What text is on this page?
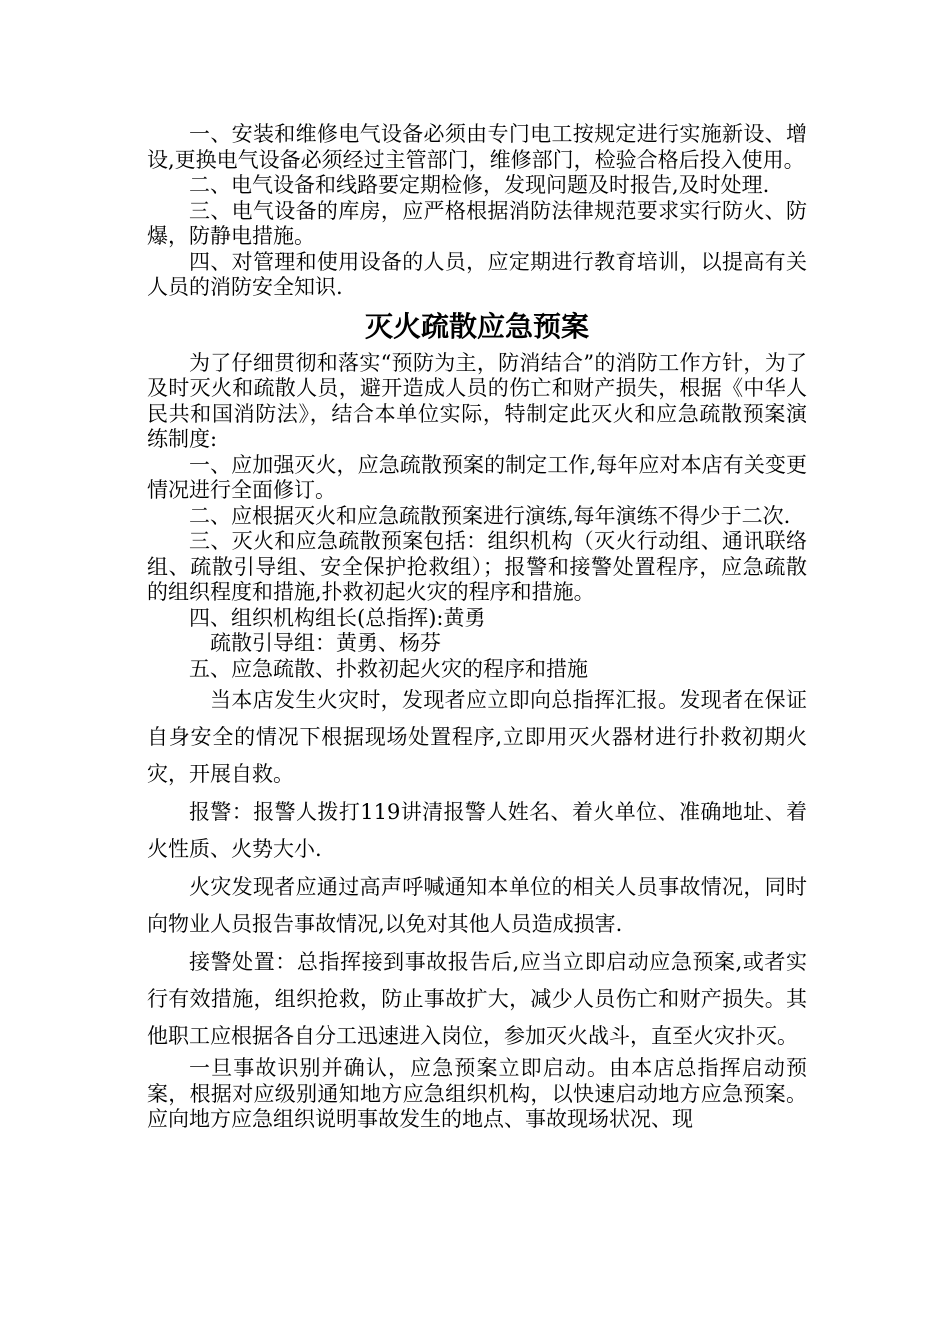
一、安装和维修电气设备必须由专门电工按规定进行实施新设、增设,更换电气设备必须经过主管部门，维修部门，检验合格后投入使用。

二、电气设备和线路要定期检修，发现问题及时报告,及时处理.

三、电气设备的库房，应严格根据消防法律规范要求实行防火、防爆，防静电措施。

四、对管理和使用设备的人员，应定期进行教育培训，以提高有关人员的消防安全知识.

灭火疏散应急预案

为了仔细贯彻和落实“预防为主，防消结合”的消防工作方针，为了及时灭火和疏散人员，避开造成人员的伤亡和财产损失，根据《中华人民共和国消防法》，结合本单位实际，特制定此灭火和应急疏散预案演练制度:

一、应加强灭火，应急疏散预案的制定工作,每年应对本店有关变更情况进行全面修订。

二、应根据灭火和应急疏散预案进行演练,每年演练不得少于二次.

三、灭火和应急疏散预案包括：组织机构（灭火行动组、通讯联络组、疏散引导组、安全保护抢救组）；报警和接警处置程序，应急疏散的组织程度和措施,扑救初起火灾的程序和措施。

四、组织机构组长(总指挥):黄勇

疏散引导组：黄勇、杨芬

五、应急疏散、扑救初起火灾的程序和措施

当本店发生火灾时，发现者应立即向总指挥汇报。发现者在保证自身安全的情况下根据现场处置程序,立即用灭火器材进行扑救初期火灾，开展自救。

报警：报警人拨打119讲清报警人姓名、着火单位、准确地址、着火性质、火势大小.

火灾发现者应通过高声呼喊通知本单位的相关人员事故情况，同时向物业人员报告事故情况,以免对其他人员造成损害.

接警处置：总指挥接到事故报告后,应当立即启动应急预案,或者实行有效措施，组织抢救，防止事故扩大，减少人员伤亡和财产损失。其他职工应根据各自分工迅速进入岗位，参加灭火战斗，直至火灾扑灭。

一旦事故识别并确认，应急预案立即启动。由本店总指挥启动预案，根据对应级别通知地方应急组织机构，以快速启动地方应急预案。应向地方应急组织说明事故发生的地点、事故现场状况、现
